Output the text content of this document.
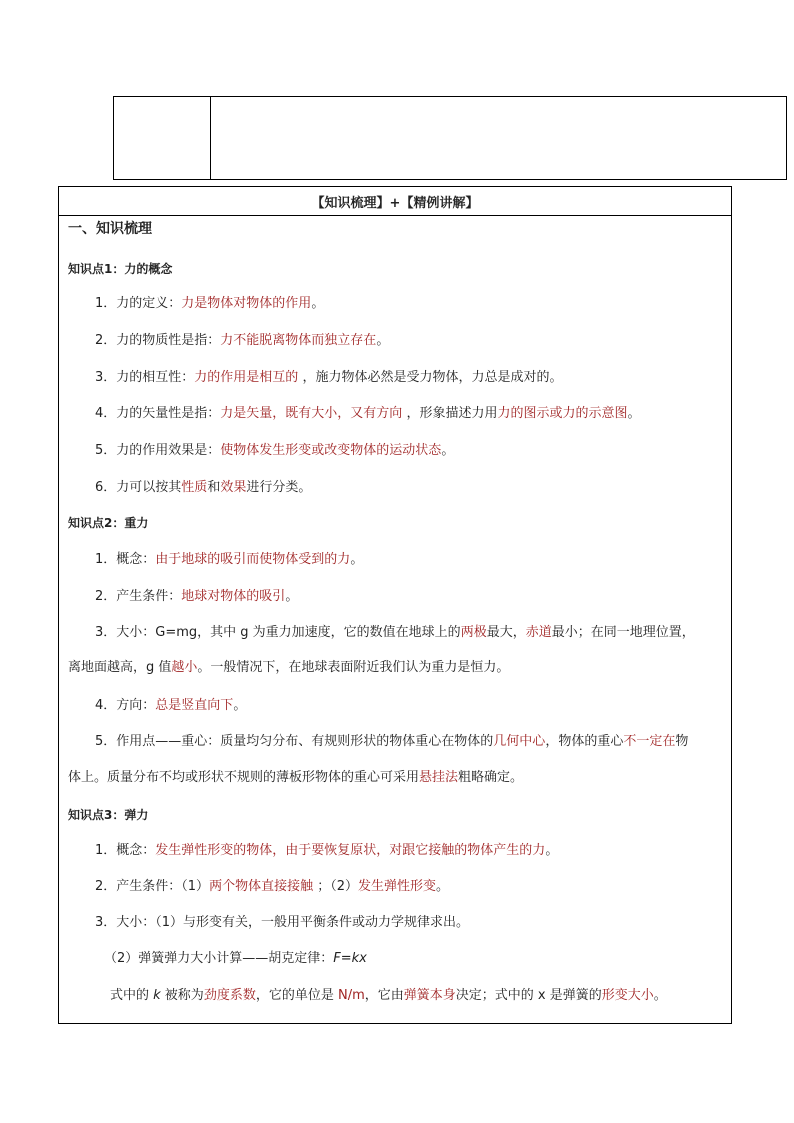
【知识梳理】+【精例讲解】
一、知识梳理
知识点1：力的概念
1．力的定义：力是物体对物体的作用。
2．力的物质性是指：力不能脱离物体而独立存在。
3．力的相互性：力的作用是相互的 ，施力物体必然是受力物体，力总是成对的。
4．力的矢量性是指：力是矢量，既有大小，又有方向 ，形象描述力用力的图示或力的示意图。
5．力的作用效果是：使物体发生形变或改变物体的运动状态。
6．力可以按其性质和效果进行分类。
知识点2：重力
1．概念：由于地球的吸引而使物体受到的力。
2．产生条件：地球对物体的吸引。
3．大小：G=mg，其中 g 为重力加速度，它的数值在地球上的两极最大，赤道最小；在同一地理位置，
离地面越高，g 值越小。一般情况下，在地球表面附近我们认为重力是恒力。
4．方向：总是竖直向下。
5．作用点——重心：质量均匀分布、有规则形状的物体重心在物体的几何中心，物体的重心不一定在物
体上。质量分布不均或形状不规则的薄板形物体的重心可采用悬挂法粗略确定。
知识点3：弹力
1．概念：发生弹性形变的物体，由于要恢复原状，对跟它接触的物体产生的力。
2．产生条件：（1）两个物体直接接触 ；（2）发生弹性形变。
3．大小：（1）与形变有关，一般用平衡条件或动力学规律求出。
（2）弹簧弹力大小计算——胡克定律：F=kx
式中的 k 被称为劲度系数，它的单位是 N/m，它由弹簧本身决定；式中的 x 是弹簧的形变大小。
